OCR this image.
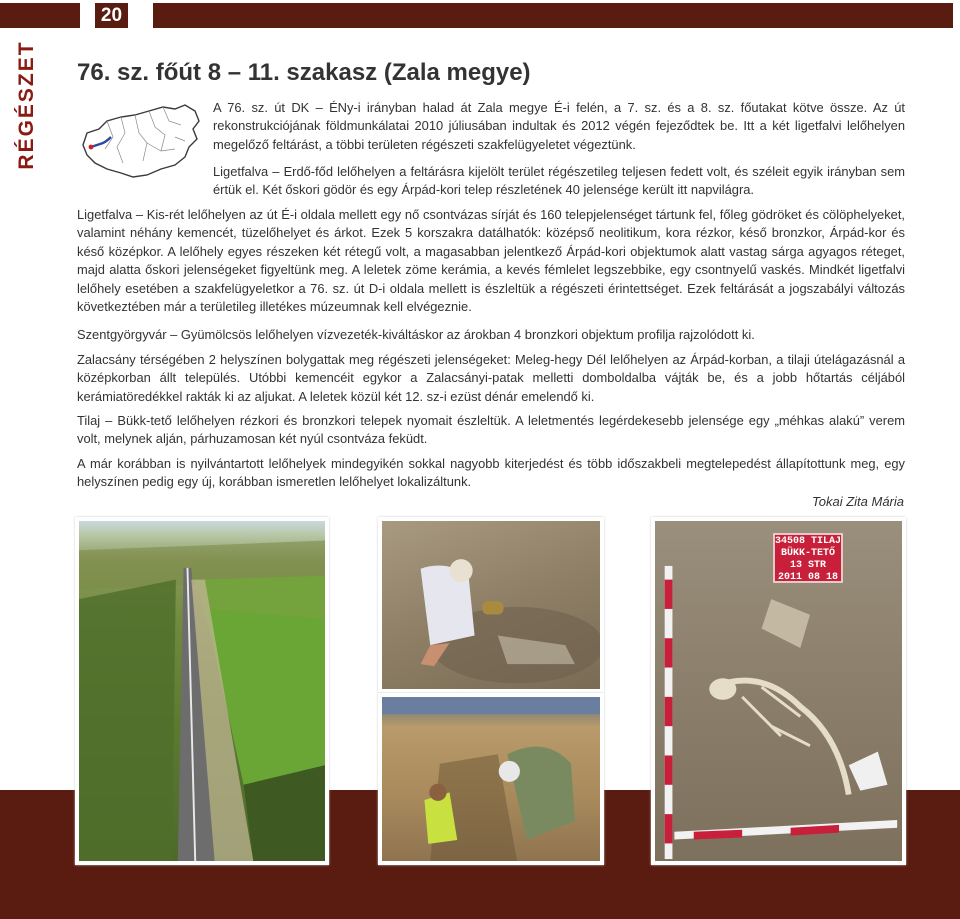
20
RÉGÉSZET 76. sz. főút 8 – 11. szakasz (Zala megye)

A 76. sz. út DK – ÉNy-i irányban halad át Zala megye É-i felén, a 7. sz. és a 8. sz. főutakat kötve össze. Az út rekonstrukciójának földmunkálatai 2010 júliusában indultak és 2012 végén fejeződtek be. Itt a két ligetfalvi lelőhelyen megelőző feltárást, a többi területen régészeti szakfelügyeletet végeztünk.

Ligetfalva – Erdő-főd lelőhelyen a feltárásra kijelölt terület régészetileg teljesen fedett volt, és széleit egyik irányban sem értük el. Két őskori gödör és egy Árpád-kori telep részletének 40 jelensége került itt napvilágra.

Ligetfalva – Kis-rét lelőhelyen az út É-i oldala mellett egy nő csontvázas sírját és 160 telepjelenséget tártunk fel, főleg gödröket és cölöphelyeket, valamint néhány kemencét, tüzelőhelyet és árkot. Ezek 5 korszakra datálhatók: középső neolitikum, kora rézkor, késő bronzkor, Árpád-kor és késő középkor. A lelőhely egyes részeken két rétegű volt, a magasabban jelentkező Árpád-kori objektumok alatt vastag sárga agyagos réteget, majd alatta őskori jelenségeket figyeltünk meg. A leletek zöme kerámia, a kevés fémlelet legszebbike, egy csontnyelű vaskés. Mindkét ligetfalvi lelőhely esetében a szakfelügyeletkor a 76. sz. út D-i oldala mellett is észleltük a régészeti érintettséget. Ezek feltárását a jogszabályi változás következtében már a területileg illetékes múzeumnak kell elvégeznie.

Szentgyörgyvár – Gyümölcsös lelőhelyen vízvezeték-kiváltáskor az árokban 4 bronzkori objektum profilja rajzolódott ki.

Zalacsány térségében 2 helyszínen bolygattak meg régészeti jelenségeket: Meleg-hegy Dél lelőhelyen az Árpád-korban, a tilaji útelágazásnál a középkorban állt település. Utóbbi kemencéit egykor a Zalacsányi-patak melletti domboldalba vájták be, és a jobb hőtartás céljából kerámiatöredékkel rakták ki az aljukat. A leletek közül két 12. sz-i ezüst dénár emelendő ki.

Tilaj – Bükk-tető lelőhelyen rézkori és bronzkori telepek nyomait észleltük. A leletmentés legérdekesebb jelensége egy „méhkas alakú” verem volt, melynek alján, párhuzamosan két nyúl csontváza feküdt.

A már korábban is nyilvántartott lelőhelyek mindegyikén sokkal nagyobb kiterjedést és több időszakbeli megtelepedést állapítottunk meg, egy helyszínen pedig egy új, korábban ismeretlen lelőhelyet lokalizáltunk.

Tokai Zita Mária
34508 TILAJ
BÜKK-TETŐ
13 STR
2011 08 18
